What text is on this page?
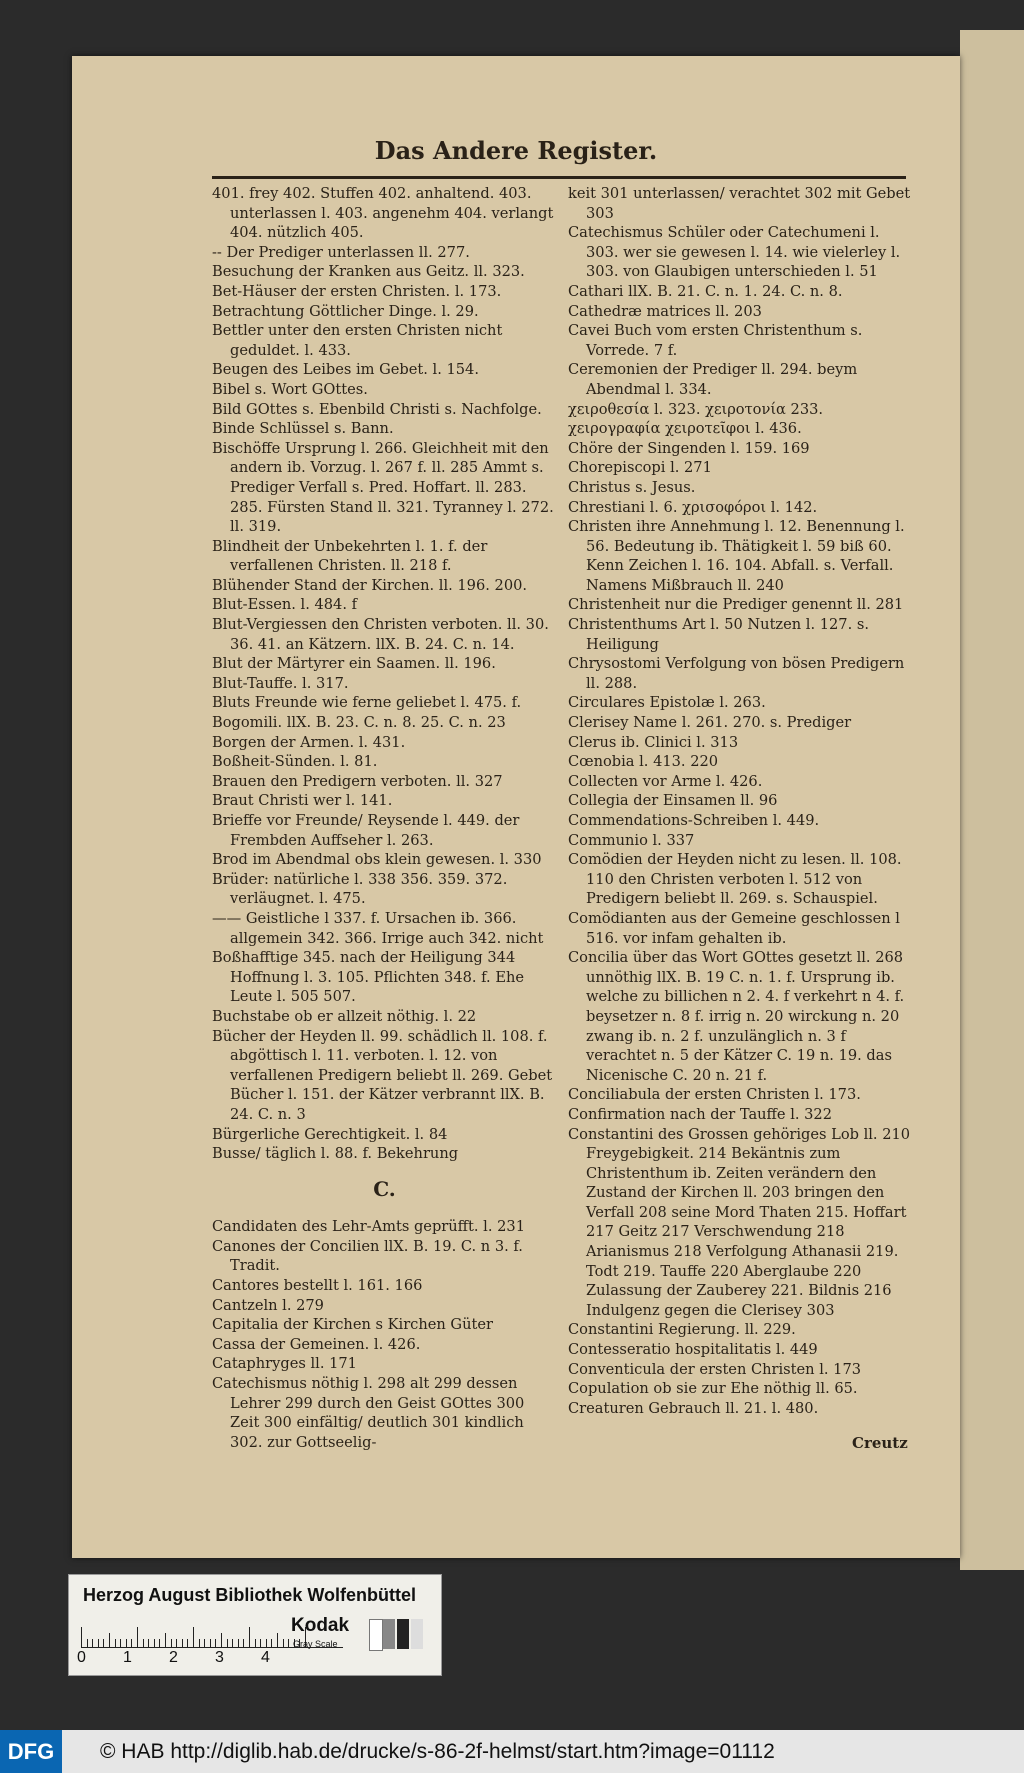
Das Andere Register.

401. frey 402. Stuffen 402. anhaltend. 403. unterlassen l. 403. angenehm 404. verlangt 404. nützlich 405.

-- Der Prediger unterlassen ll. 277.

Besuchung der Kranken aus Geitz. ll. 323.

Bet-Häuser der ersten Christen. l. 173.

Betrachtung Göttlicher Dinge. l. 29.

Bettler unter den ersten Christen nicht geduldet. l. 433.

Beugen des Leibes im Gebet. l. 154.

Bibel s. Wort GOttes.

Bild GOttes s. Ebenbild Christi s. Nachfolge.

Binde Schlüssel s. Bann.

Bischöffe Ursprung l. 266. Gleichheit mit den andern ib. Vorzug. l. 267 f. ll. 285 Ammt s. Prediger Verfall s. Pred. Hoffart. ll. 283. 285. Fürsten Stand ll. 321. Tyranney l. 272. ll. 319.

Blindheit der Unbekehrten l. 1. f. der verfallenen Christen. ll. 218 f.

Blühender Stand der Kirchen. ll. 196. 200.

Blut-Essen. l. 484. f

Blut-Vergiessen den Christen verboten. ll. 30. 36. 41. an Kätzern. llX. B. 24. C. n. 14.

Blut der Märtyrer ein Saamen. ll. 196.

Blut-Tauffe. l. 317.

Bluts Freunde wie ferne geliebet l. 475. f.

Bogomili. llX. B. 23. C. n. 8. 25. C. n. 23

Borgen der Armen. l. 431.

Boßheit-Sünden. l. 81.

Brauen den Predigern verboten. ll. 327

Braut Christi wer l. 141.

Brieffe vor Freunde/ Reysende l. 449. der Frembden Auffseher l. 263.

Brod im Abendmal obs klein gewesen. l. 330

Brüder: natürliche l. 338 356. 359. 372. verläugnet. l. 475.

—— Geistliche l 337. f. Ursachen ib. 366. allgemein 342. 366. Irrige auch 342. nicht

Boßhafftige 345. nach der Heiligung 344 Hoffnung l. 3. 105. Pflichten 348. f. Ehe Leute l. 505 507.

Buchstabe ob er allzeit nöthig. l. 22

Bücher der Heyden ll. 99. schädlich ll. 108. f. abgöttisch l. 11. verboten. l. 12. von verfallenen Predigern beliebt ll. 269. Gebet Bücher l. 151. der Kätzer verbrannt llX. B. 24. C. n. 3

Bürgerliche Gerechtigkeit. l. 84

Busse/ täglich l. 88. f. Bekehrung

C.

Candidaten des Lehr-Amts geprüfft. l. 231

Canones der Concilien llX. B. 19. C. n 3. f. Tradit.

Cantores bestellt l. 161. 166

Cantzeln l. 279

Capitalia der Kirchen s Kirchen Güter

Cassa der Gemeinen. l. 426.

Cataphryges ll. 171

Catechismus nöthig l. 298 alt 299 dessen Lehrer 299 durch den Geist GOttes 300 Zeit 300 einfältig/ deutlich 301 kindlich 302. zur Gottseelig-

keit 301 unterlassen/ verachtet 302 mit Gebet 303

Catechismus Schüler oder Catechumeni l. 303. wer sie gewesen l. 14. wie vielerley l. 303. von Glaubigen unterschieden l. 51

Cathari llX. B. 21. C. n. 1. 24. C. n. 8.

Cathedræ matrices ll. 203

Cavei Buch vom ersten Christenthum s. Vorrede. 7 f.

Ceremonien der Prediger ll. 294. beym Abendmal l. 334.

χειροθεσία l. 323. χειροτονία 233.

χειρογραφία χειροτεῖφοι l. 436.

Chöre der Singenden l. 159. 169

Chorepiscopi l. 271

Christus s. Jesus.

Chrestiani l. 6. χρισοφόροι l. 142.

Christen ihre Annehmung l. 12. Benennung l. 56. Bedeutung ib. Thätigkeit l. 59 biß 60. Kenn Zeichen l. 16. 104. Abfall. s. Verfall. Namens Mißbrauch ll. 240

Christenheit nur die Prediger genennt ll. 281

Christenthums Art l. 50 Nutzen l. 127. s. Heiligung

Chrysostomi Verfolgung von bösen Predigern ll. 288.

Circulares Epistolæ l. 263.

Clerisey Name l. 261. 270. s. Prediger

Clerus ib. Clinici l. 313

Cœnobia l. 413. 220

Collecten vor Arme l. 426.

Collegia der Einsamen ll. 96

Commendations-Schreiben l. 449.

Communio l. 337

Comödien der Heyden nicht zu lesen. ll. 108. 110 den Christen verboten l. 512 von Predigern beliebt ll. 269. s. Schauspiel.

Comödianten aus der Gemeine geschlossen l 516. vor infam gehalten ib.

Concilia über das Wort GOttes gesetzt ll. 268 unnöthig llX. B. 19 C. n. 1. f. Ursprung ib. welche zu billichen n 2. 4. f verkehrt n 4. f. beysetzer n. 8 f. irrig n. 20 wirckung n. 20 zwang ib. n. 2 f. unzulänglich n. 3 f verachtet n. 5 der Kätzer C. 19 n. 19. das Nicenische C. 20 n. 21 f.

Conciliabula der ersten Christen l. 173.

Confirmation nach der Tauffe l. 322

Constantini des Grossen gehöriges Lob ll. 210 Freygebigkeit. 214 Bekäntnis zum Christenthum ib. Zeiten verändern den Zustand der Kirchen ll. 203 bringen den Verfall 208 seine Mord Thaten 215. Hoffart 217 Geitz 217 Verschwendung 218 Arianismus 218 Verfolgung Athanasii 219. Todt 219. Tauffe 220 Aberglaube 220 Zulassung der Zauberey 221. Bildnis 216 Indulgenz gegen die Clerisey 303

Constantini Regierung. ll. 229.

Contesseratio hospitalitatis l. 449

Conventicula der ersten Christen l. 173

Copulation ob sie zur Ehe nöthig ll. 65.

Creaturen Gebrauch ll. 21. l. 480.

Creutz
Herzog August Bibliothek Wolfenbüttel
0 1 2 3 4
Kodak
Gray Scale
DFG	© HAB http://diglib.hab.de/drucke/s-86-2f-helmst/start.htm?image=01112
